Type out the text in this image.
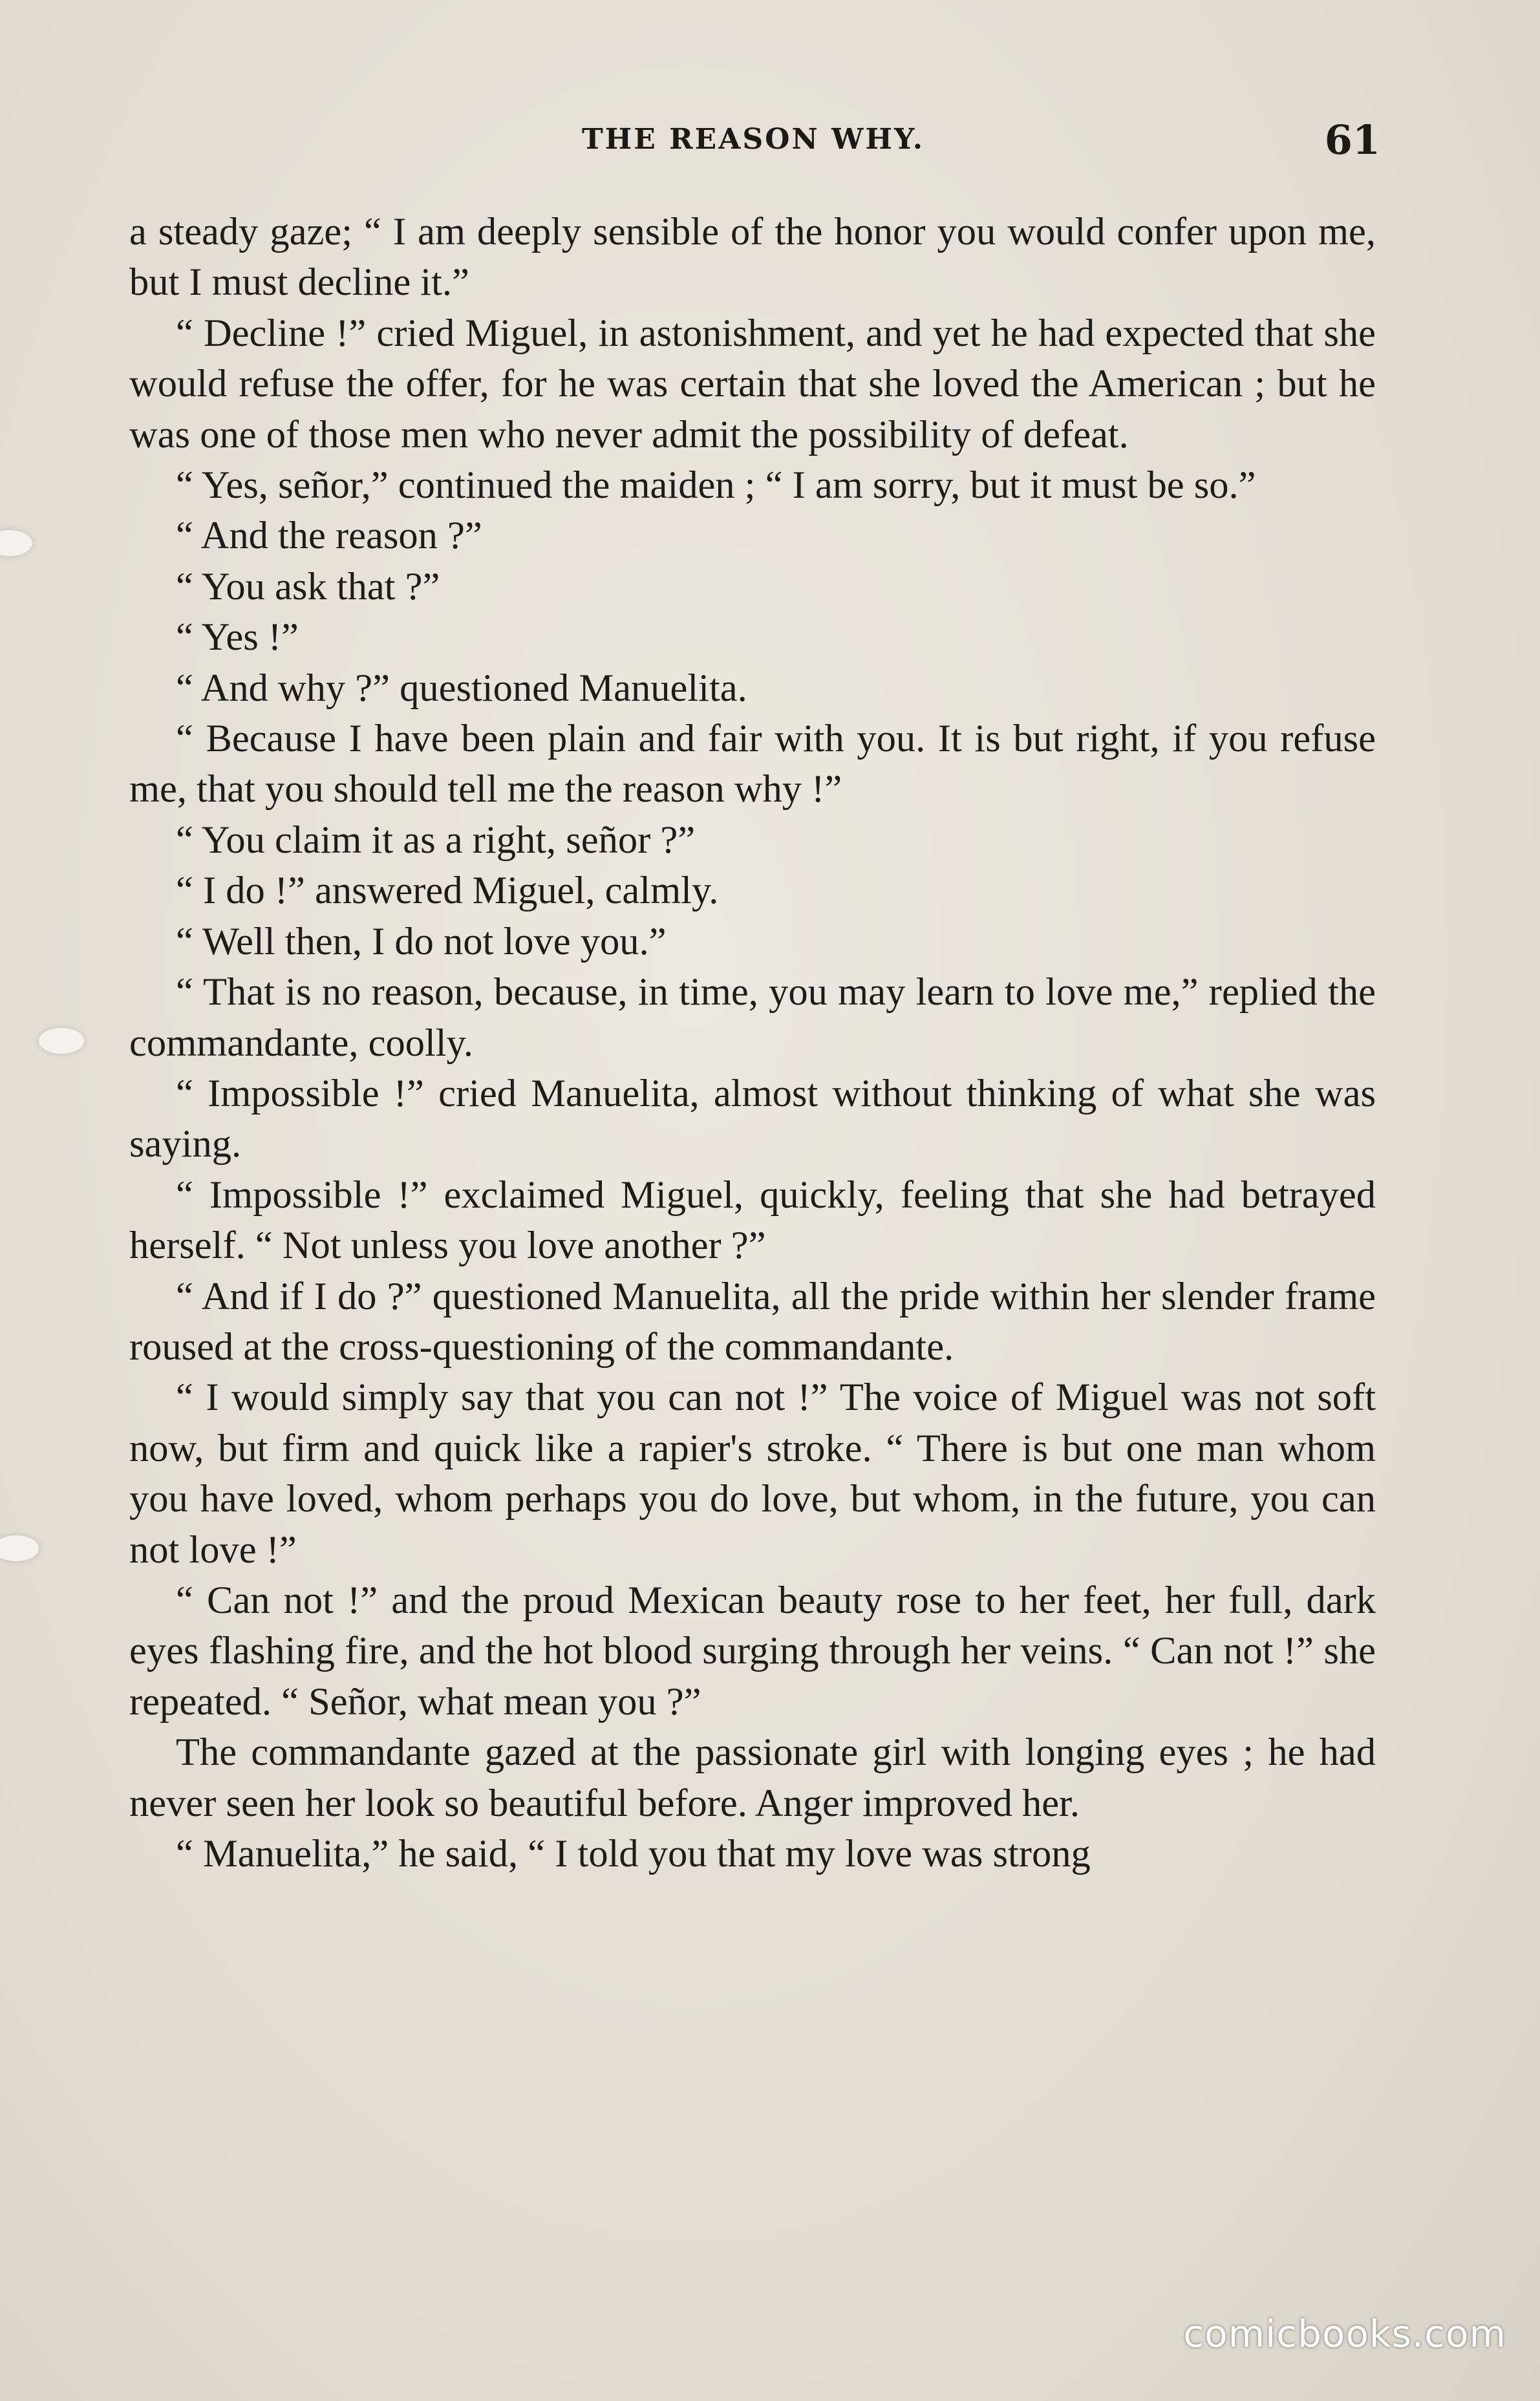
THE REASON WHY.	61

a steady gaze; “ I am deeply sensible of the honor you would confer upon me, but I must decline it.”

“ Decline !” cried Miguel, in astonishment, and yet he had expected that she would refuse the offer, for he was certain that she loved the American ; but he was one of those men who never admit the possibility of defeat.

“ Yes, señor,” continued the maiden ; “ I am sorry, but it must be so.”

“ And the reason ?”

“ You ask that ?”

“ Yes !”

“ And why ?” questioned Manuelita.

“ Because I have been plain and fair with you. It is but right, if you refuse me, that you should tell me the reason why !”

“ You claim it as a right, señor ?”

“ I do !” answered Miguel, calmly.

“ Well then, I do not love you.”

“ That is no reason, because, in time, you may learn to love me,” replied the commandante, coolly.

“ Impossible !” cried Manuelita, almost without thinking of what she was saying.

“ Impossible !” exclaimed Miguel, quickly, feeling that she had betrayed herself. “ Not unless you love another ?”

“ And if I do ?” questioned Manuelita, all the pride within her slender frame roused at the cross-questioning of the commandante.

“ I would simply say that you can not !” The voice of Miguel was not soft now, but firm and quick like a rapier's stroke. “ There is but one man whom you have loved, whom perhaps you do love, but whom, in the future, you can not love !”

“ Can not !” and the proud Mexican beauty rose to her feet, her full, dark eyes flashing fire, and the hot blood surging through her veins. “ Can not !” she repeated. “ Señor, what mean you ?”

The commandante gazed at the passionate girl with longing eyes ; he had never seen her look so beautiful before. Anger improved her.

“ Manuelita,” he said, “ I told you that my love was strong

comicbooks.com
